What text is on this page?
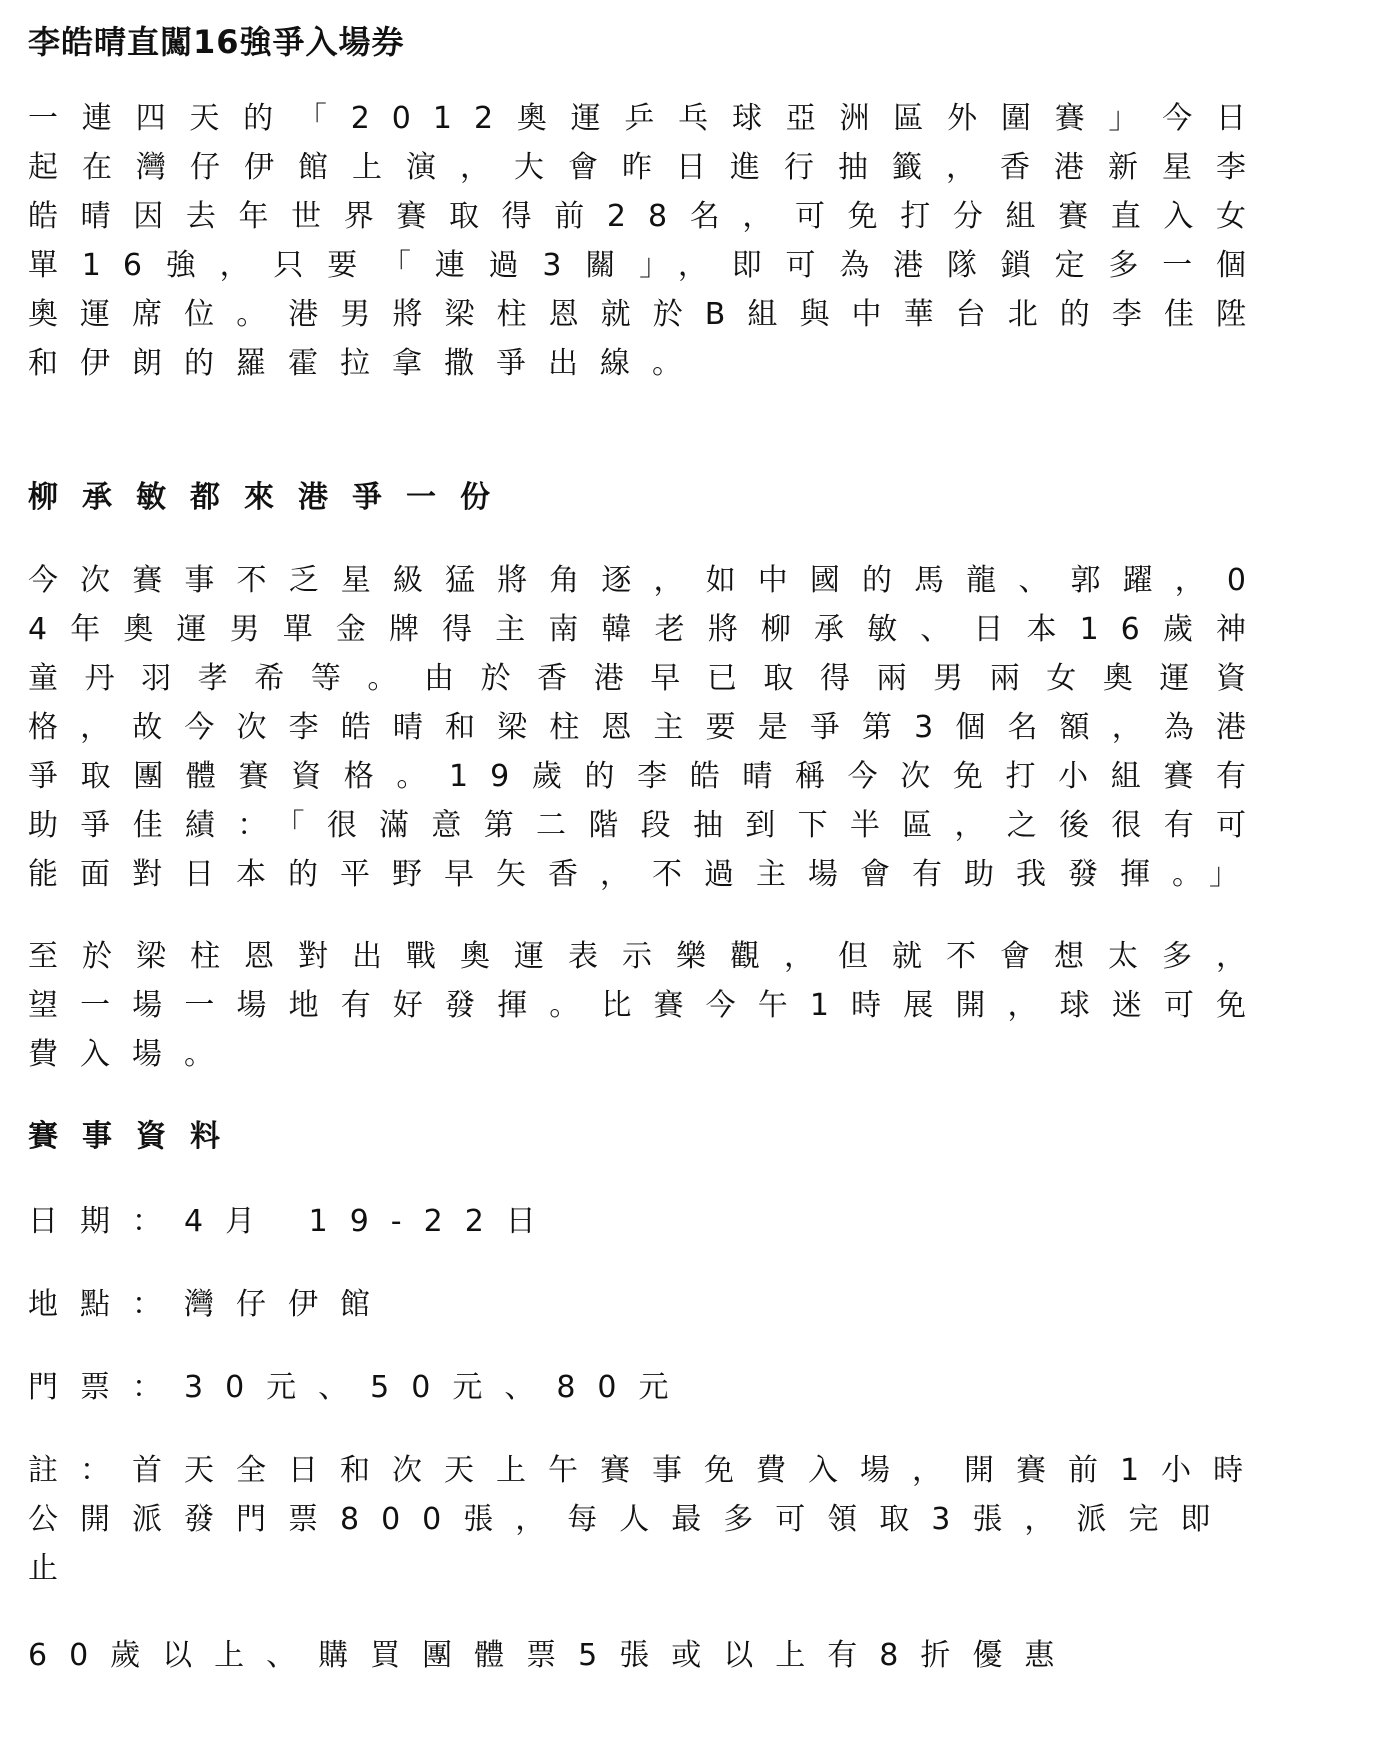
李皓晴直闖16強爭入場券

一連四天的「2012奧運乒乓球亞洲區外圍賽」今日起在灣仔伊館上演，大會昨日進行抽籤，香港新星李皓晴因去年世界賽取得前28名，可免打分組賽直入女單16強，只要「連過3關」，即可為港隊鎖定多一個奧運席位。港男將梁柱恩就於B組與中華台北的李佳陞和伊朗的羅霍拉拿撒爭出線。

柳承敏都來港爭一份

今次賽事不乏星級猛將角逐，如中國的馬龍、郭躍，04年奧運男單金牌得主南韓老將柳承敏、日本16歲神童丹羽孝希等。由於香港早已取得兩男兩女奧運資格，故今次李皓晴和梁柱恩主要是爭第3個名額，為港爭取團體賽資格。19歲的李皓晴稱今次免打小組賽有助爭佳績：「很滿意第二階段抽到下半區，之後很有可能面對日本的平野早矢香，不過主場會有助我發揮。」

至於梁柱恩對出戰奧運表示樂觀，但就不會想太多，望一場一場地有好發揮。比賽今午1時展開，球迷可免費入場。

賽事資料

日期：4月 19-22日

地點：灣仔伊館

門票：30元、50元、80元

註：首天全日和次天上午賽事免費入場，開賽前1小時公開派發門票800張，每人最多可領取3張，派完即止

60歲以上、購買團體票5張或以上有8折優惠
